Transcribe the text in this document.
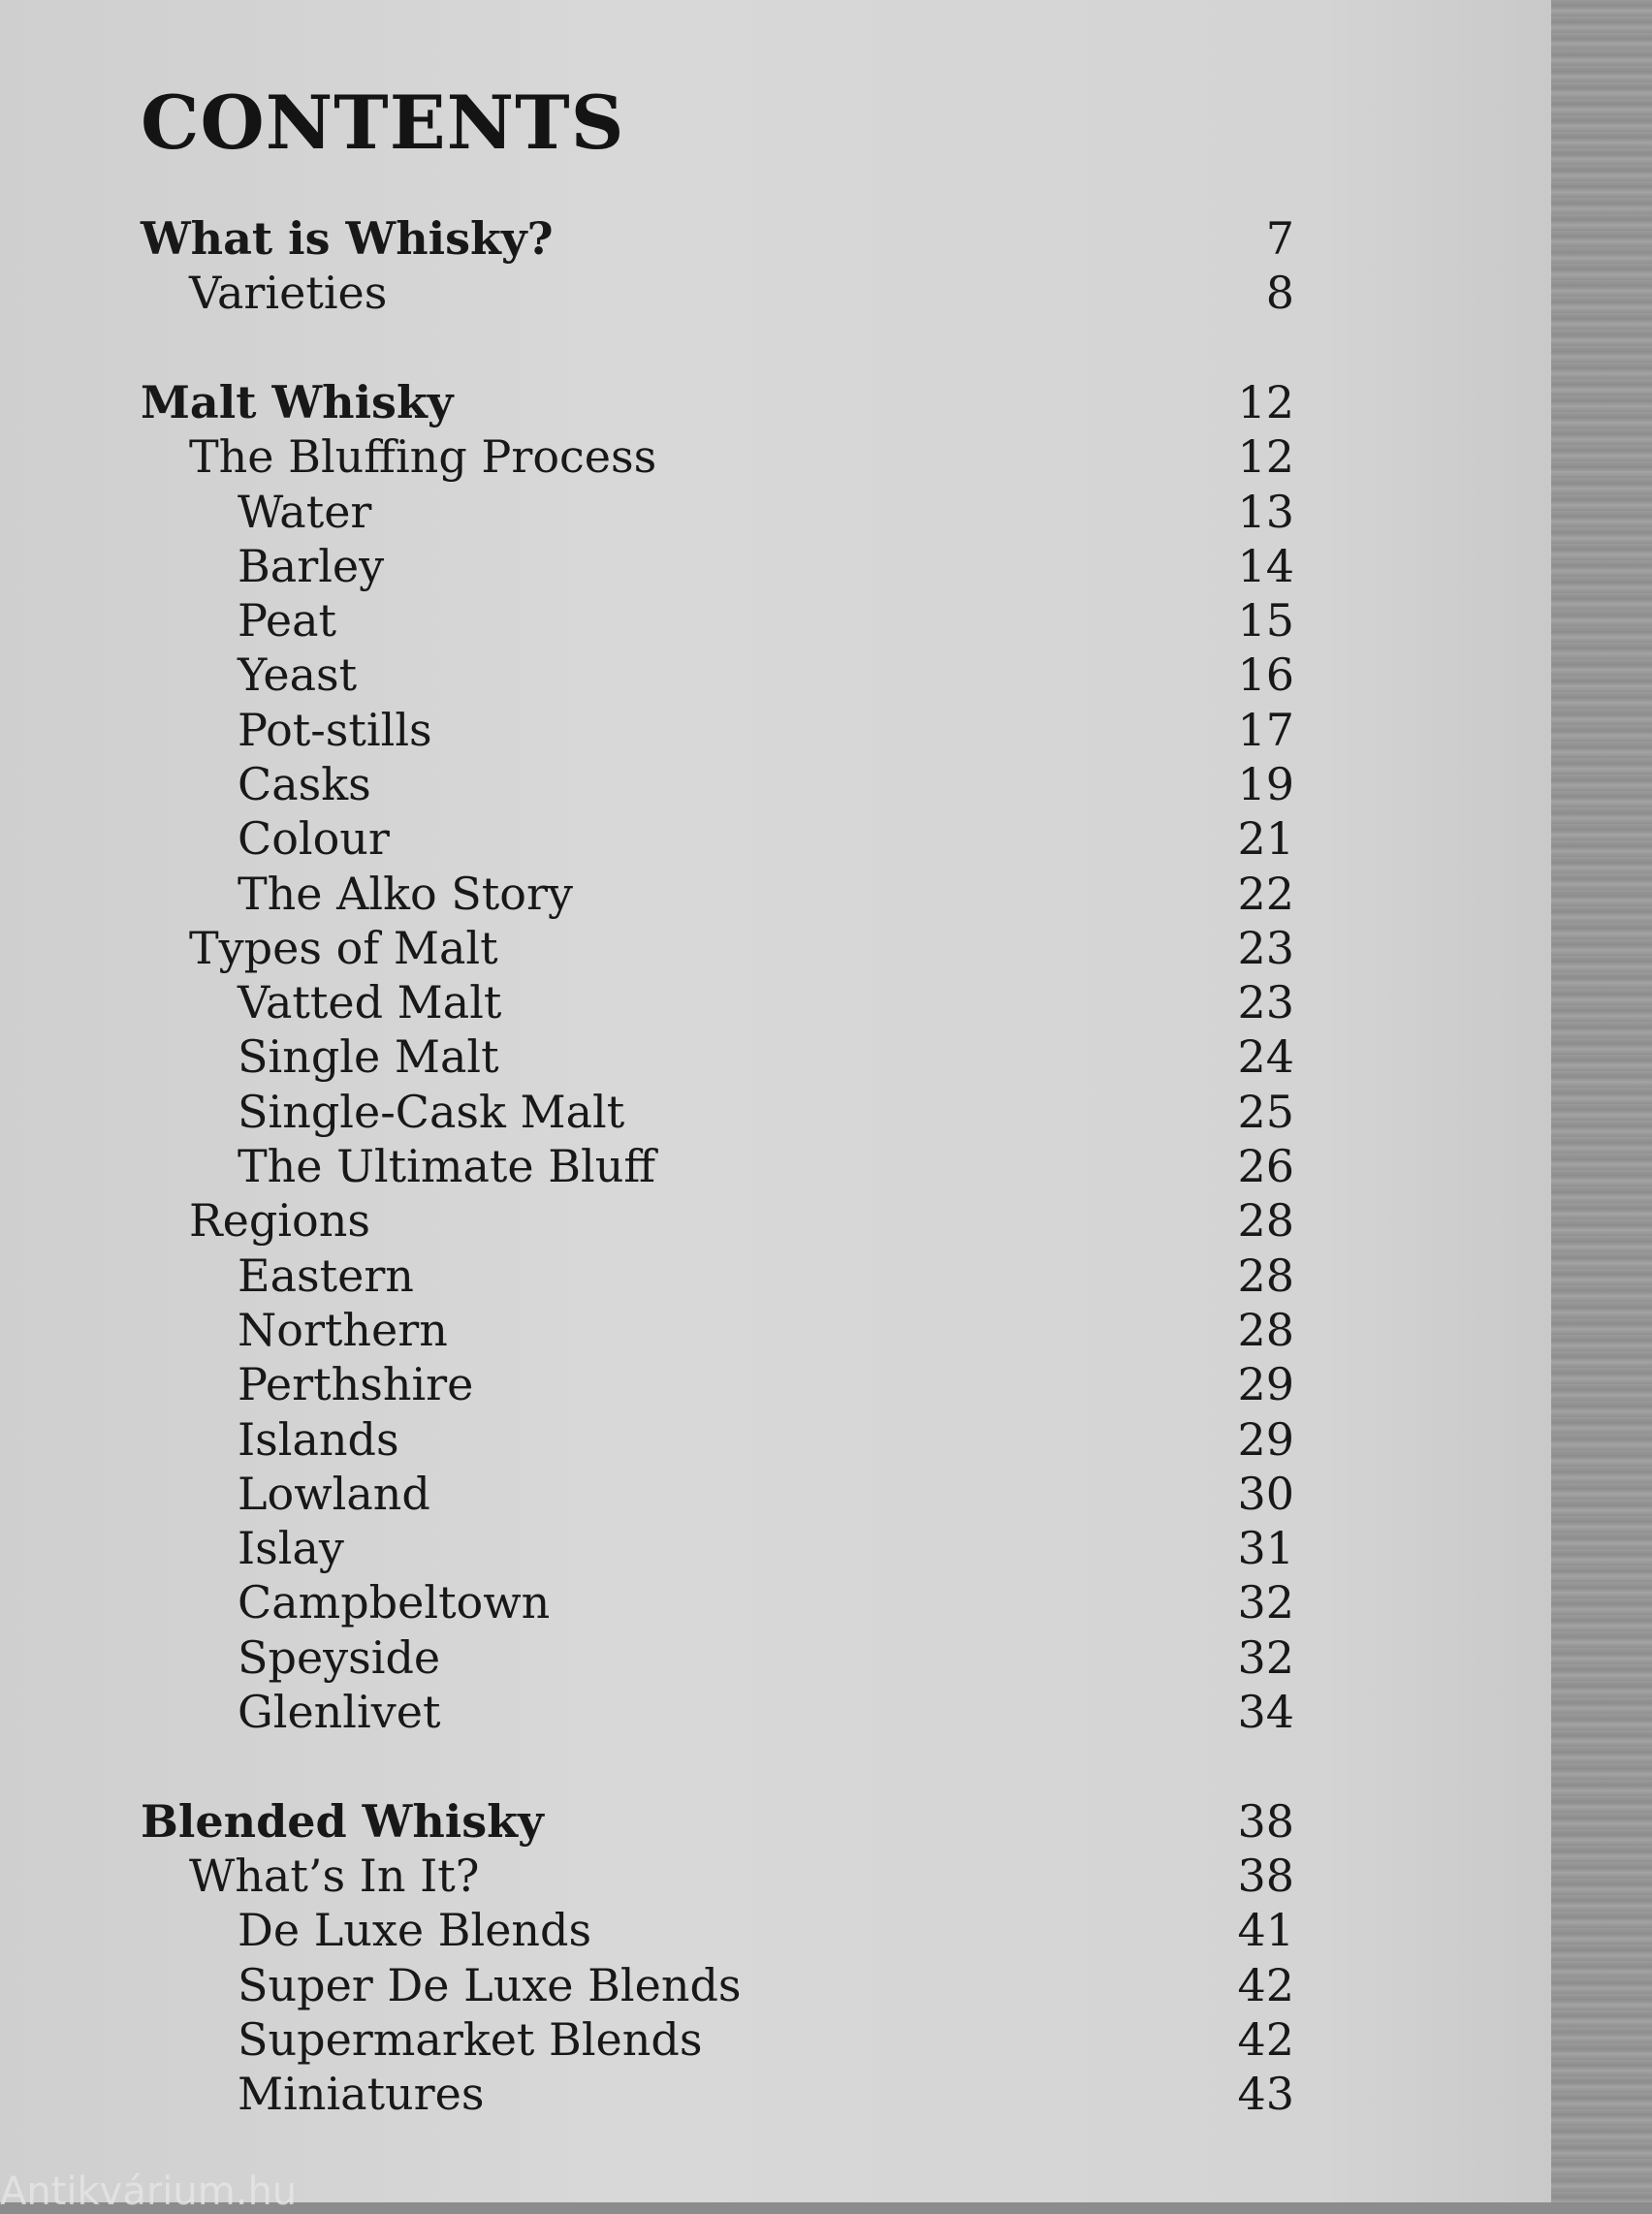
CONTENTS
What is Whisky?	7
Varieties	8
Malt Whisky	12
The Bluffing Process	12
Water	13
Barley	14
Peat	15
Yeast	16
Pot-stills	17
Casks	19
Colour	21
The Alko Story	22
Types of Malt	23
Vatted Malt	23
Single Malt	24
Single-Cask Malt	25
The Ultimate Bluff	26
Regions	28
Eastern	28
Northern	28
Perthshire	29
Islands	29
Lowland	30
Islay	31
Campbeltown	32
Speyside	32
Glenlivet	34
Blended Whisky	38
What’s In It?	38
De Luxe Blends	41
Super De Luxe Blends	42
Supermarket Blends	42
Miniatures	43
Antikvárium.hu
